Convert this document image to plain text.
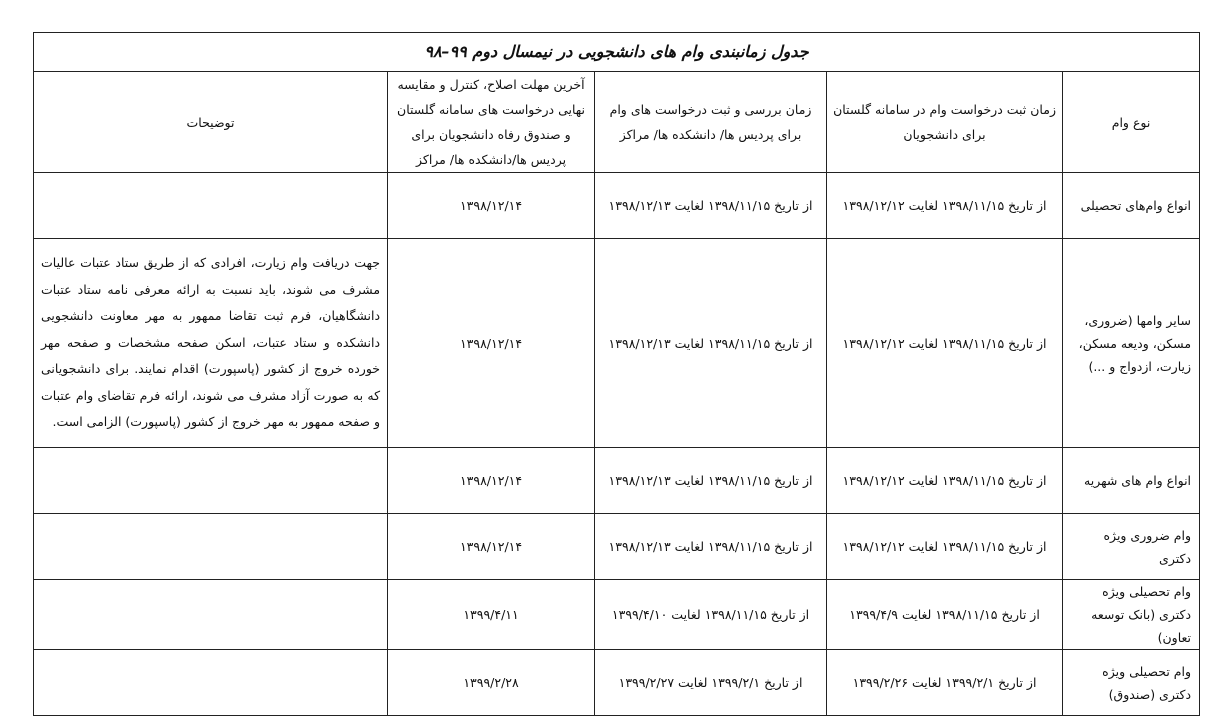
جدول زمانبندی وام های دانشجویی در نیمسال دوم ۹۹–۹۸				
نوع وام	زمان ثبت درخواست وام در سامانه گلستان برای دانشجویان	زمان بررسی و ثبت درخواست های وام برای پردیس ها/ دانشکده ها/ مراکز	آخرین مهلت اصلاح، کنترل و مقایسه نهایی درخواست های سامانه گلستان و صندوق رفاه دانشجویان برای پردیس ها/دانشکده ها/ مراکز	توضیحات
انواع وام‌های تحصیلی	از تاریخ ۱۳۹۸/۱۱/۱۵ لغایت ۱۳۹۸/۱۲/۱۲	از تاریخ ۱۳۹۸/۱۱/۱۵ لغایت ۱۳۹۸/۱۲/۱۳	۱۳۹۸/۱۲/۱۴	
سایر وامها (ضروری، مسکن، ودیعه مسکن، زیارت، ازدواج و ...)	از تاریخ ۱۳۹۸/۱۱/۱۵ لغایت ۱۳۹۸/۱۲/۱۲	از تاریخ ۱۳۹۸/۱۱/۱۵ لغایت ۱۳۹۸/۱۲/۱۳	۱۳۹۸/۱۲/۱۴	جهت دریافت وام زیارت، افرادی که از طریق ستاد عتبات عالیات مشرف می شوند، باید نسبت به ارائه معرفی نامه ستاد عتبات دانشگاهیان، فرم ثبت تقاضا ممهور به مهر معاونت دانشجویی دانشکده و ستاد عتبات، اسکن صفحه مشخصات و صفحه مهر خورده خروج از کشور (پاسپورت) اقدام نمایند. برای دانشجویانی که به صورت آزاد مشرف می شوند، ارائه فرم تقاضای وام عتبات و صفحه ممهور به مهر خروج از کشور (پاسپورت) الزامی است.
انواع وام های شهریه	از تاریخ ۱۳۹۸/۱۱/۱۵ لغایت ۱۳۹۸/۱۲/۱۲	از تاریخ ۱۳۹۸/۱۱/۱۵ لغایت ۱۳۹۸/۱۲/۱۳	۱۳۹۸/۱۲/۱۴	
وام ضروری ویژه دکتری	از تاریخ ۱۳۹۸/۱۱/۱۵ لغایت ۱۳۹۸/۱۲/۱۲	از تاریخ ۱۳۹۸/۱۱/۱۵ لغایت ۱۳۹۸/۱۲/۱۳	۱۳۹۸/۱۲/۱۴	
وام تحصیلی ویژه دکتری (بانک توسعه تعاون)	از تاریخ ۱۳۹۸/۱۱/۱۵ لغایت ۱۳۹۹/۴/۹	از تاریخ ۱۳۹۸/۱۱/۱۵ لغایت ۱۳۹۹/۴/۱۰	۱۳۹۹/۴/۱۱	
وام تحصیلی ویژه دکتری (صندوق)	از تاریخ ۱۳۹۹/۲/۱ لغایت ۱۳۹۹/۲/۲۶	از تاریخ ۱۳۹۹/۲/۱ لغایت ۱۳۹۹/۲/۲۷	۱۳۹۹/۲/۲۸	
